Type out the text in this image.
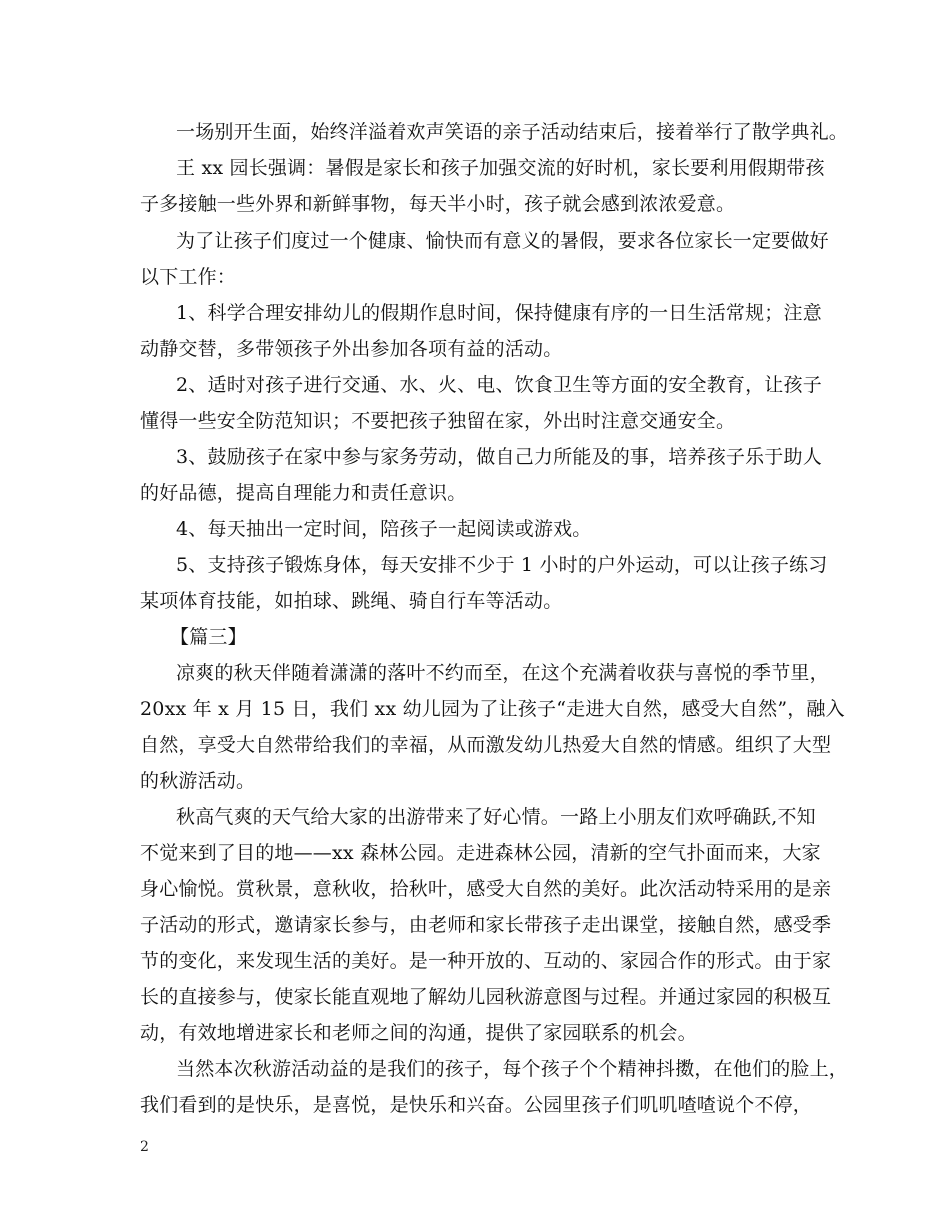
一场别开生面，始终洋溢着欢声笑语的亲子活动结束后，接着举行了散学典礼。
王 xx 园长强调：暑假是家长和孩子加强交流的好时机，家长要利用假期带孩
子多接触一些外界和新鲜事物，每天半小时，孩子就会感到浓浓爱意。
为了让孩子们度过一个健康、愉快而有意义的暑假，要求各位家长一定要做好
以下工作：
1、科学合理安排幼儿的假期作息时间，保持健康有序的一日生活常规；注意
动静交替，多带领孩子外出参加各项有益的活动。
2、适时对孩子进行交通、水、火、电、饮食卫生等方面的安全教育，让孩子
懂得一些安全防范知识；不要把孩子独留在家，外出时注意交通安全。
3、鼓励孩子在家中参与家务劳动，做自己力所能及的事，培养孩子乐于助人
的好品德，提高自理能力和责任意识。
4、每天抽出一定时间，陪孩子一起阅读或游戏。
5、支持孩子锻炼身体，每天安排不少于 1 小时的户外运动，可以让孩子练习
某项体育技能，如拍球、跳绳、骑自行车等活动。
【篇三】
凉爽的秋天伴随着潇潇的落叶不约而至，在这个充满着收获与喜悦的季节里，
20xx 年 x 月 15 日，我们 xx 幼儿园为了让孩子“走进大自然，感受大自然”，融入
自然，享受大自然带给我们的幸福，从而激发幼儿热爱大自然的情感。组织了大型
的秋游活动。
秋高气爽的天气给大家的出游带来了好心情。一路上小朋友们欢呼确跃,不知
不觉来到了目的地——xx 森林公园。走进森林公园，清新的空气扑面而来，大家
身心愉悦。赏秋景，意秋收，拾秋叶，感受大自然的美好。此次活动特采用的是亲
子活动的形式，邀请家长参与，由老师和家长带孩子走出课堂，接触自然，感受季
节的变化，来发现生活的美好。是一种开放的、互动的、家园合作的形式。由于家
长的直接参与，使家长能直观地了解幼儿园秋游意图与过程。并通过家园的积极互
动，有效地增进家长和老师之间的沟通，提供了家园联系的机会。
当然本次秋游活动益的是我们的孩子，每个孩子个个精神抖擞，在他们的脸上，
我们看到的是快乐，是喜悦，是快乐和兴奋。公园里孩子们叽叽喳喳说个不停，
2
